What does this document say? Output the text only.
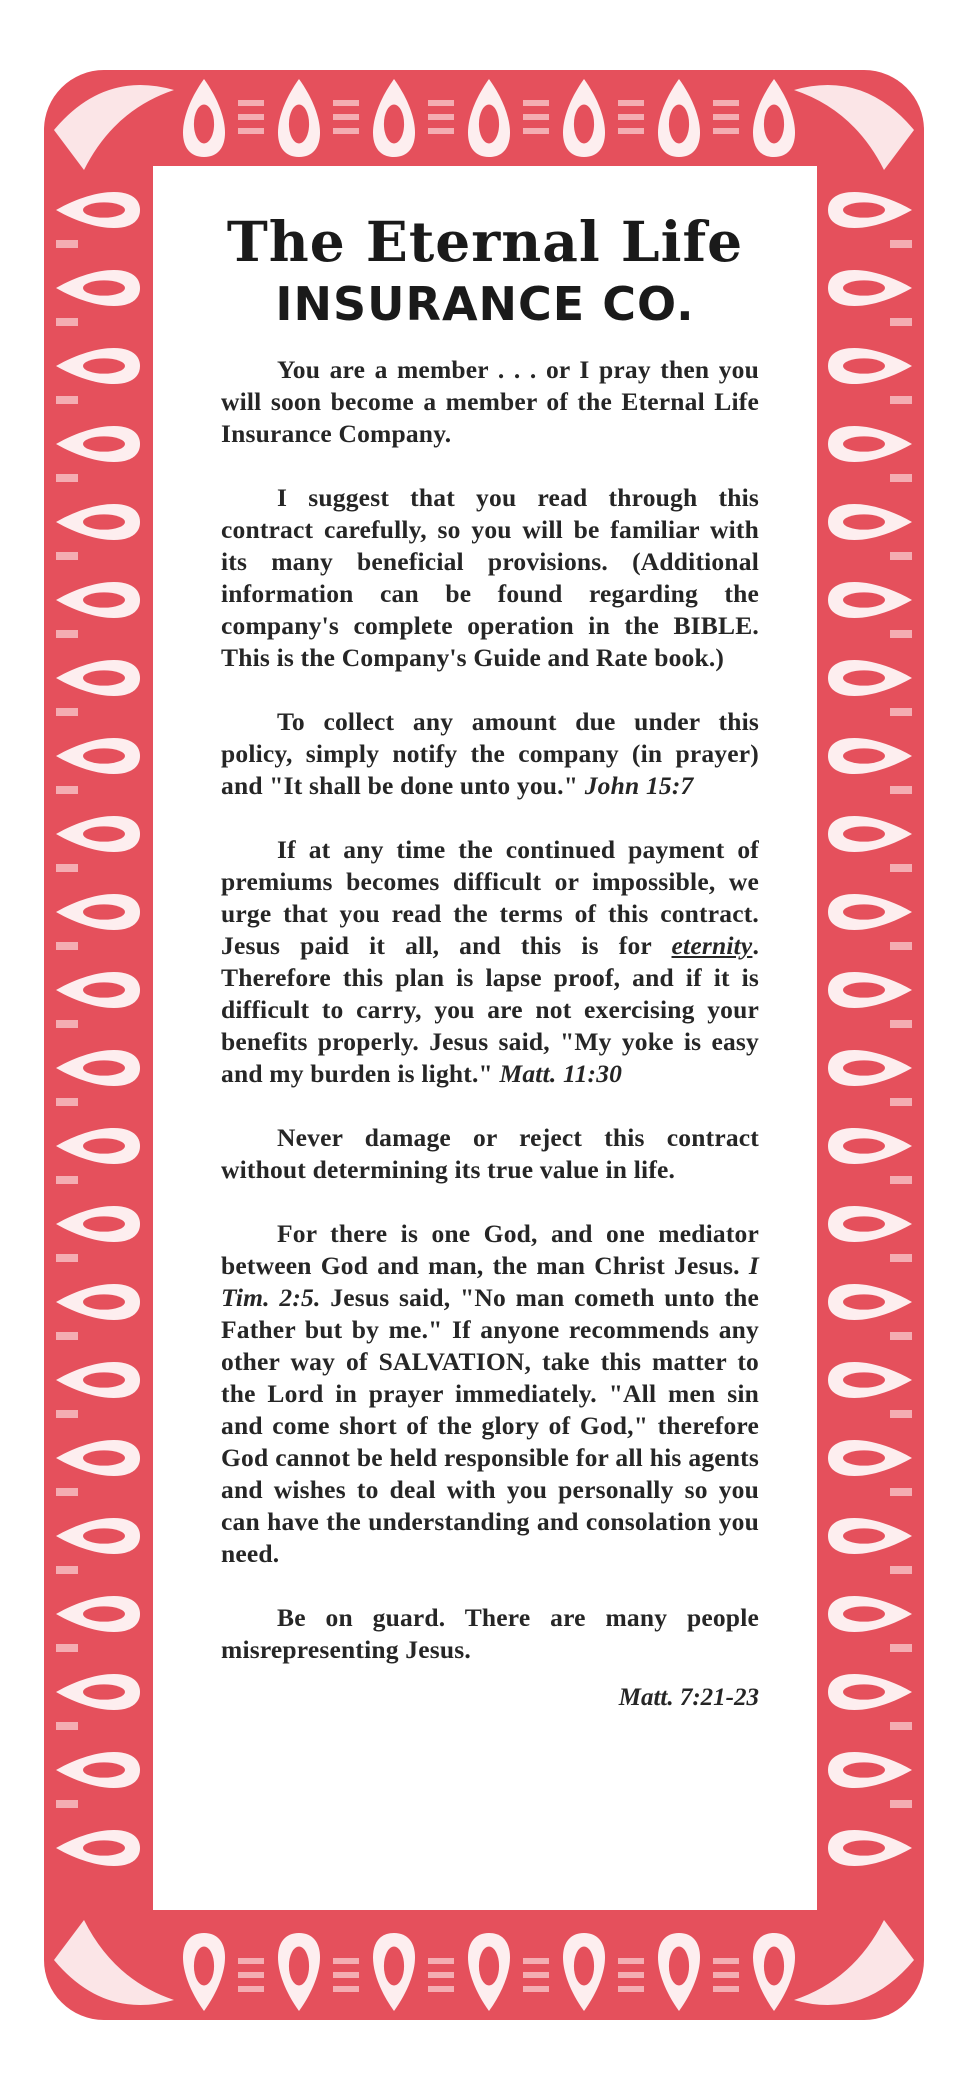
The Eternal Life
INSURANCE CO.

You are a member . . . or I pray then you will soon become a member of the Eternal Life Insurance Company.

I suggest that you read through this contract carefully, so you will be familiar with its many beneficial provisions. (Additional information can be found regarding the company's complete operation in the BIBLE. This is the Company's Guide and Rate book.)

To collect any amount due under this policy, simply notify the company (in prayer) and "It shall be done unto you." John 15:7

If at any time the continued payment of premiums becomes difficult or impossible, we urge that you read the terms of this contract. Jesus paid it all, and this is for eternity. Therefore this plan is lapse proof, and if it is difficult to carry, you are not exercising your benefits properly. Jesus said, "My yoke is easy and my burden is light." Matt. 11:30

Never damage or reject this contract without determining its true value in life.

For there is one God, and one mediator between God and man, the man Christ Jesus. I Tim. 2:5. Jesus said, "No man cometh unto the Father but by me." If anyone recommends any other way of SALVATION, take this matter to the Lord in prayer immediately. "All men sin and come short of the glory of God," therefore God cannot be held responsible for all his agents and wishes to deal with you personally so you can have the understanding and consolation you need.

Be on guard. There are many people misrepresenting Jesus.

Matt. 7:21-23
